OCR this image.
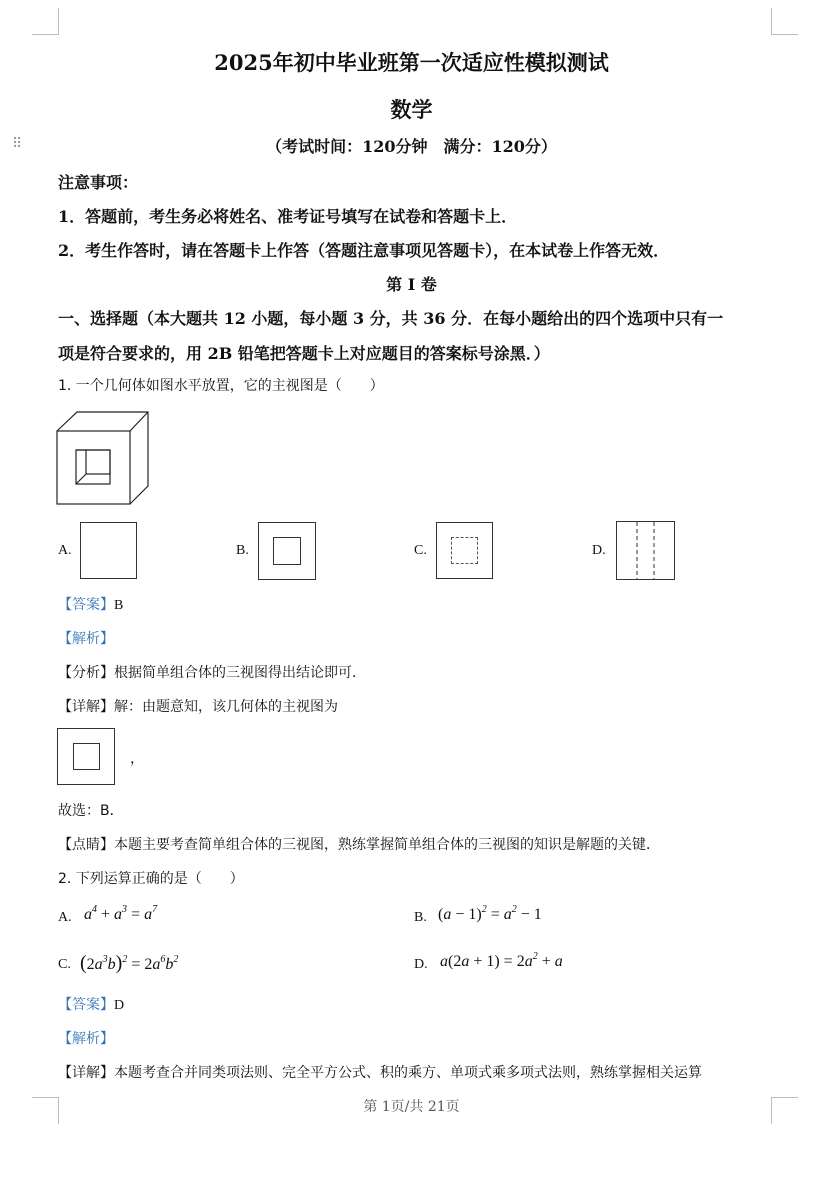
⠿
2025年初中毕业班第一次适应性模拟测试
数学
（考试时间：120分钟　满分：120分）
注意事项：
1．答题前，考生务必将姓名、准考证号填写在试卷和答题卡上．
2．考生作答时，请在答题卡上作答（答题注意事项见答题卡），在本试卷上作答无效．
第 I 卷
一、选择题（本大题共 12 小题，每小题 3 分，共 36 分．在每小题给出的四个选项中只有一
项是符合要求的，用 2B 铅笔把答题卡上对应题目的答案标号涂黑．）
1. 一个几何体如图水平放置，它的主视图是（　　）
A.	B.	C.	D.
【答案】B
【解析】
【分析】根据简单组合体的三视图得出结论即可．
【详解】解：由题意知，该几何体的主视图为
，
故选：B．
【点睛】本题主要考查简单组合体的三视图，熟练掌握简单组合体的三视图的知识是解题的关键．
2. 下列运算正确的是（　　）
A. $a^4 + a^3 = a^7$
B. $(a - 1)^2 = a^2 - 1$
C. $(2a^3b)^2 = 2a^6b^2$	D. $a(2a + 1) = 2a^2 + a$
【答案】D
【解析】
【详解】本题考查合并同类项法则、完全平方公式、积的乘方、单项式乘多项式法则，熟练掌握相关运算
第 1页/共 21页
